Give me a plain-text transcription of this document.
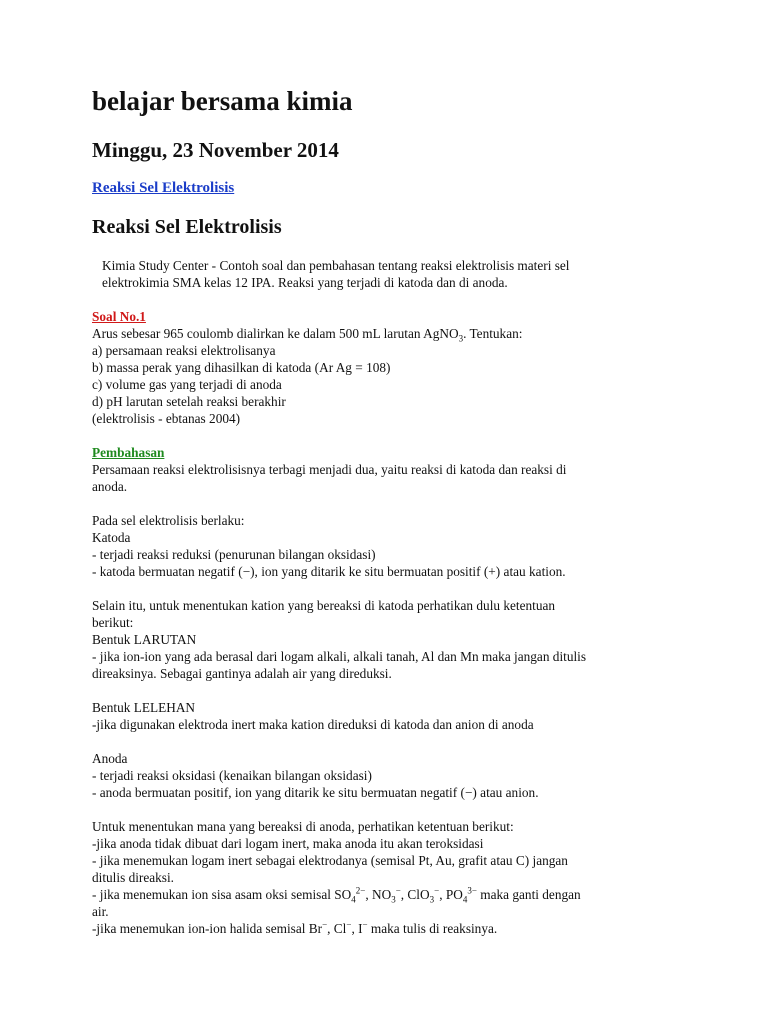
belajar bersama kimia
Minggu, 23 November 2014
Reaksi Sel Elektrolisis
Reaksi Sel Elektrolisis
Kimia Study Center - Contoh soal dan pembahasan tentang reaksi elektrolisis materi sel
elektrokimia SMA kelas 12 IPA. Reaksi yang terjadi di katoda dan di anoda.
Soal No.1
Arus sebesar 965 coulomb dialirkan ke dalam 500 mL larutan AgNO$_3$. Tentukan:
a) persamaan reaksi elektrolisanya
b) massa perak yang dihasilkan di katoda (Ar Ag = 108)
c) volume gas yang terjadi di anoda
d) pH larutan setelah reaksi berakhir
(elektrolisis - ebtanas 2004)
Pembahasan
Persamaan reaksi elektrolisisnya terbagi menjadi dua, yaitu reaksi di katoda dan reaksi di
anoda.
Pada sel elektrolisis berlaku:
Katoda
- terjadi reaksi reduksi (penurunan bilangan oksidasi)
- katoda bermuatan negatif (−), ion yang ditarik ke situ bermuatan positif (+) atau kation.
Selain itu, untuk menentukan kation yang bereaksi di katoda perhatikan dulu ketentuan
berikut:
Bentuk LARUTAN
- jika ion-ion yang ada berasal dari logam alkali, alkali tanah, Al dan Mn maka jangan ditulis
direaksinya. Sebagai gantinya adalah air yang direduksi.
Bentuk LELEHAN
-jika digunakan elektroda inert maka kation direduksi di katoda dan anion di anoda
Anoda
- terjadi reaksi oksidasi (kenaikan bilangan oksidasi)
- anoda bermuatan positif, ion yang ditarik ke situ bermuatan negatif (−) atau anion.
Untuk menentukan mana yang bereaksi di anoda, perhatikan ketentuan berikut:
-jika anoda tidak dibuat dari logam inert, maka anoda itu akan teroksidasi
- jika menemukan logam inert sebagai elektrodanya (semisal Pt, Au, grafit atau C) jangan
ditulis direaksi.
- jika menemukan ion sisa asam oksi semisal $SO_4^{2-}$, $NO_3^-$, ClO$_3$−, $PO_4^{3-}$ maka ganti dengan
air.
-jika menemukan ion-ion halida semisal Br−, Cl−, I− maka tulis di reaksinya.
